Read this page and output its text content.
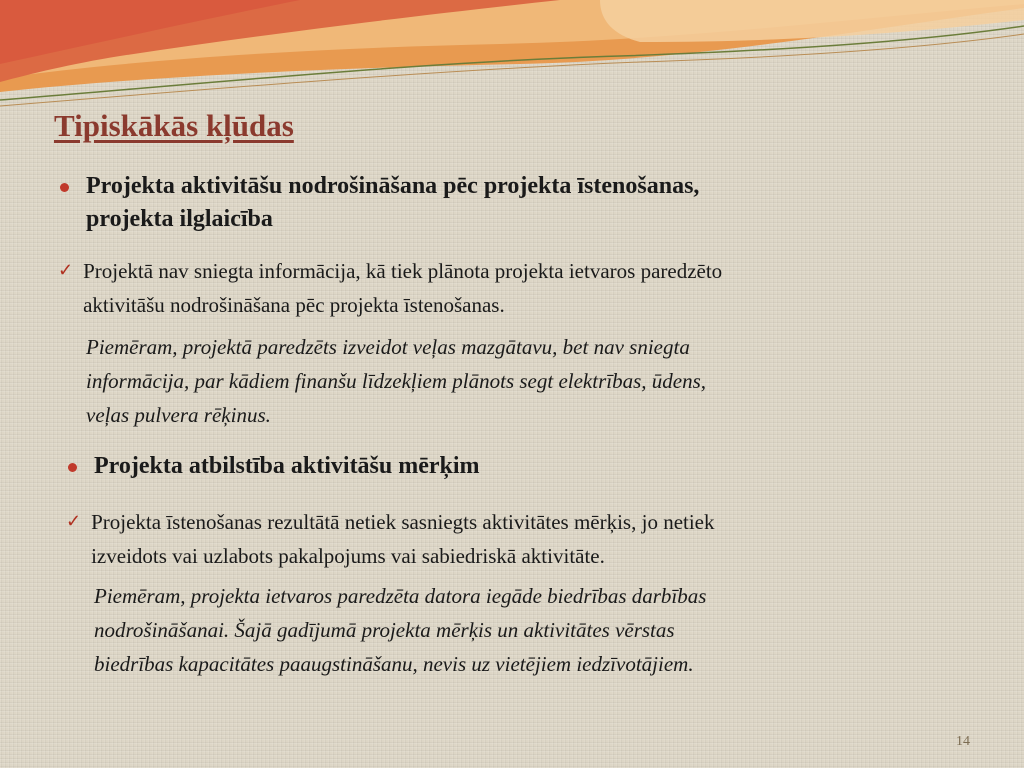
Tipiskākās kļūdas
Projekta aktivitāšu nodrošināšana pēc projekta īstenošanas,
projekta ilglaicība
✓ Projektā nav sniegta informācija, kā tiek plānota projekta ietvaros paredzēto
aktivitāšu nodrošināšana pēc projekta īstenošanas.
Piemēram, projektā paredzēts izveidot veļas mazgātavu, bet nav sniegta
informācija, par kādiem finanšu līdzekļiem plānots segt elektrības, ūdens,
veļas pulvera rēķinus.
Projekta atbilstība aktivitāšu mērķim
✓ Projekta īstenošanas rezultātā netiek sasniegts aktivitātes mērķis, jo netiek
izveidots vai uzlabots pakalpojums vai sabiedriskā aktivitāte.
Piemēram, projekta ietvaros paredzēta datora iegāde biedrības darbības
nodrošināšanai. Šajā gadījumā projekta mērķis un aktivitātes vērstas
biedrības kapacitātes paaugstināšanu, nevis uz vietējiem iedzīvotājiem.
14
